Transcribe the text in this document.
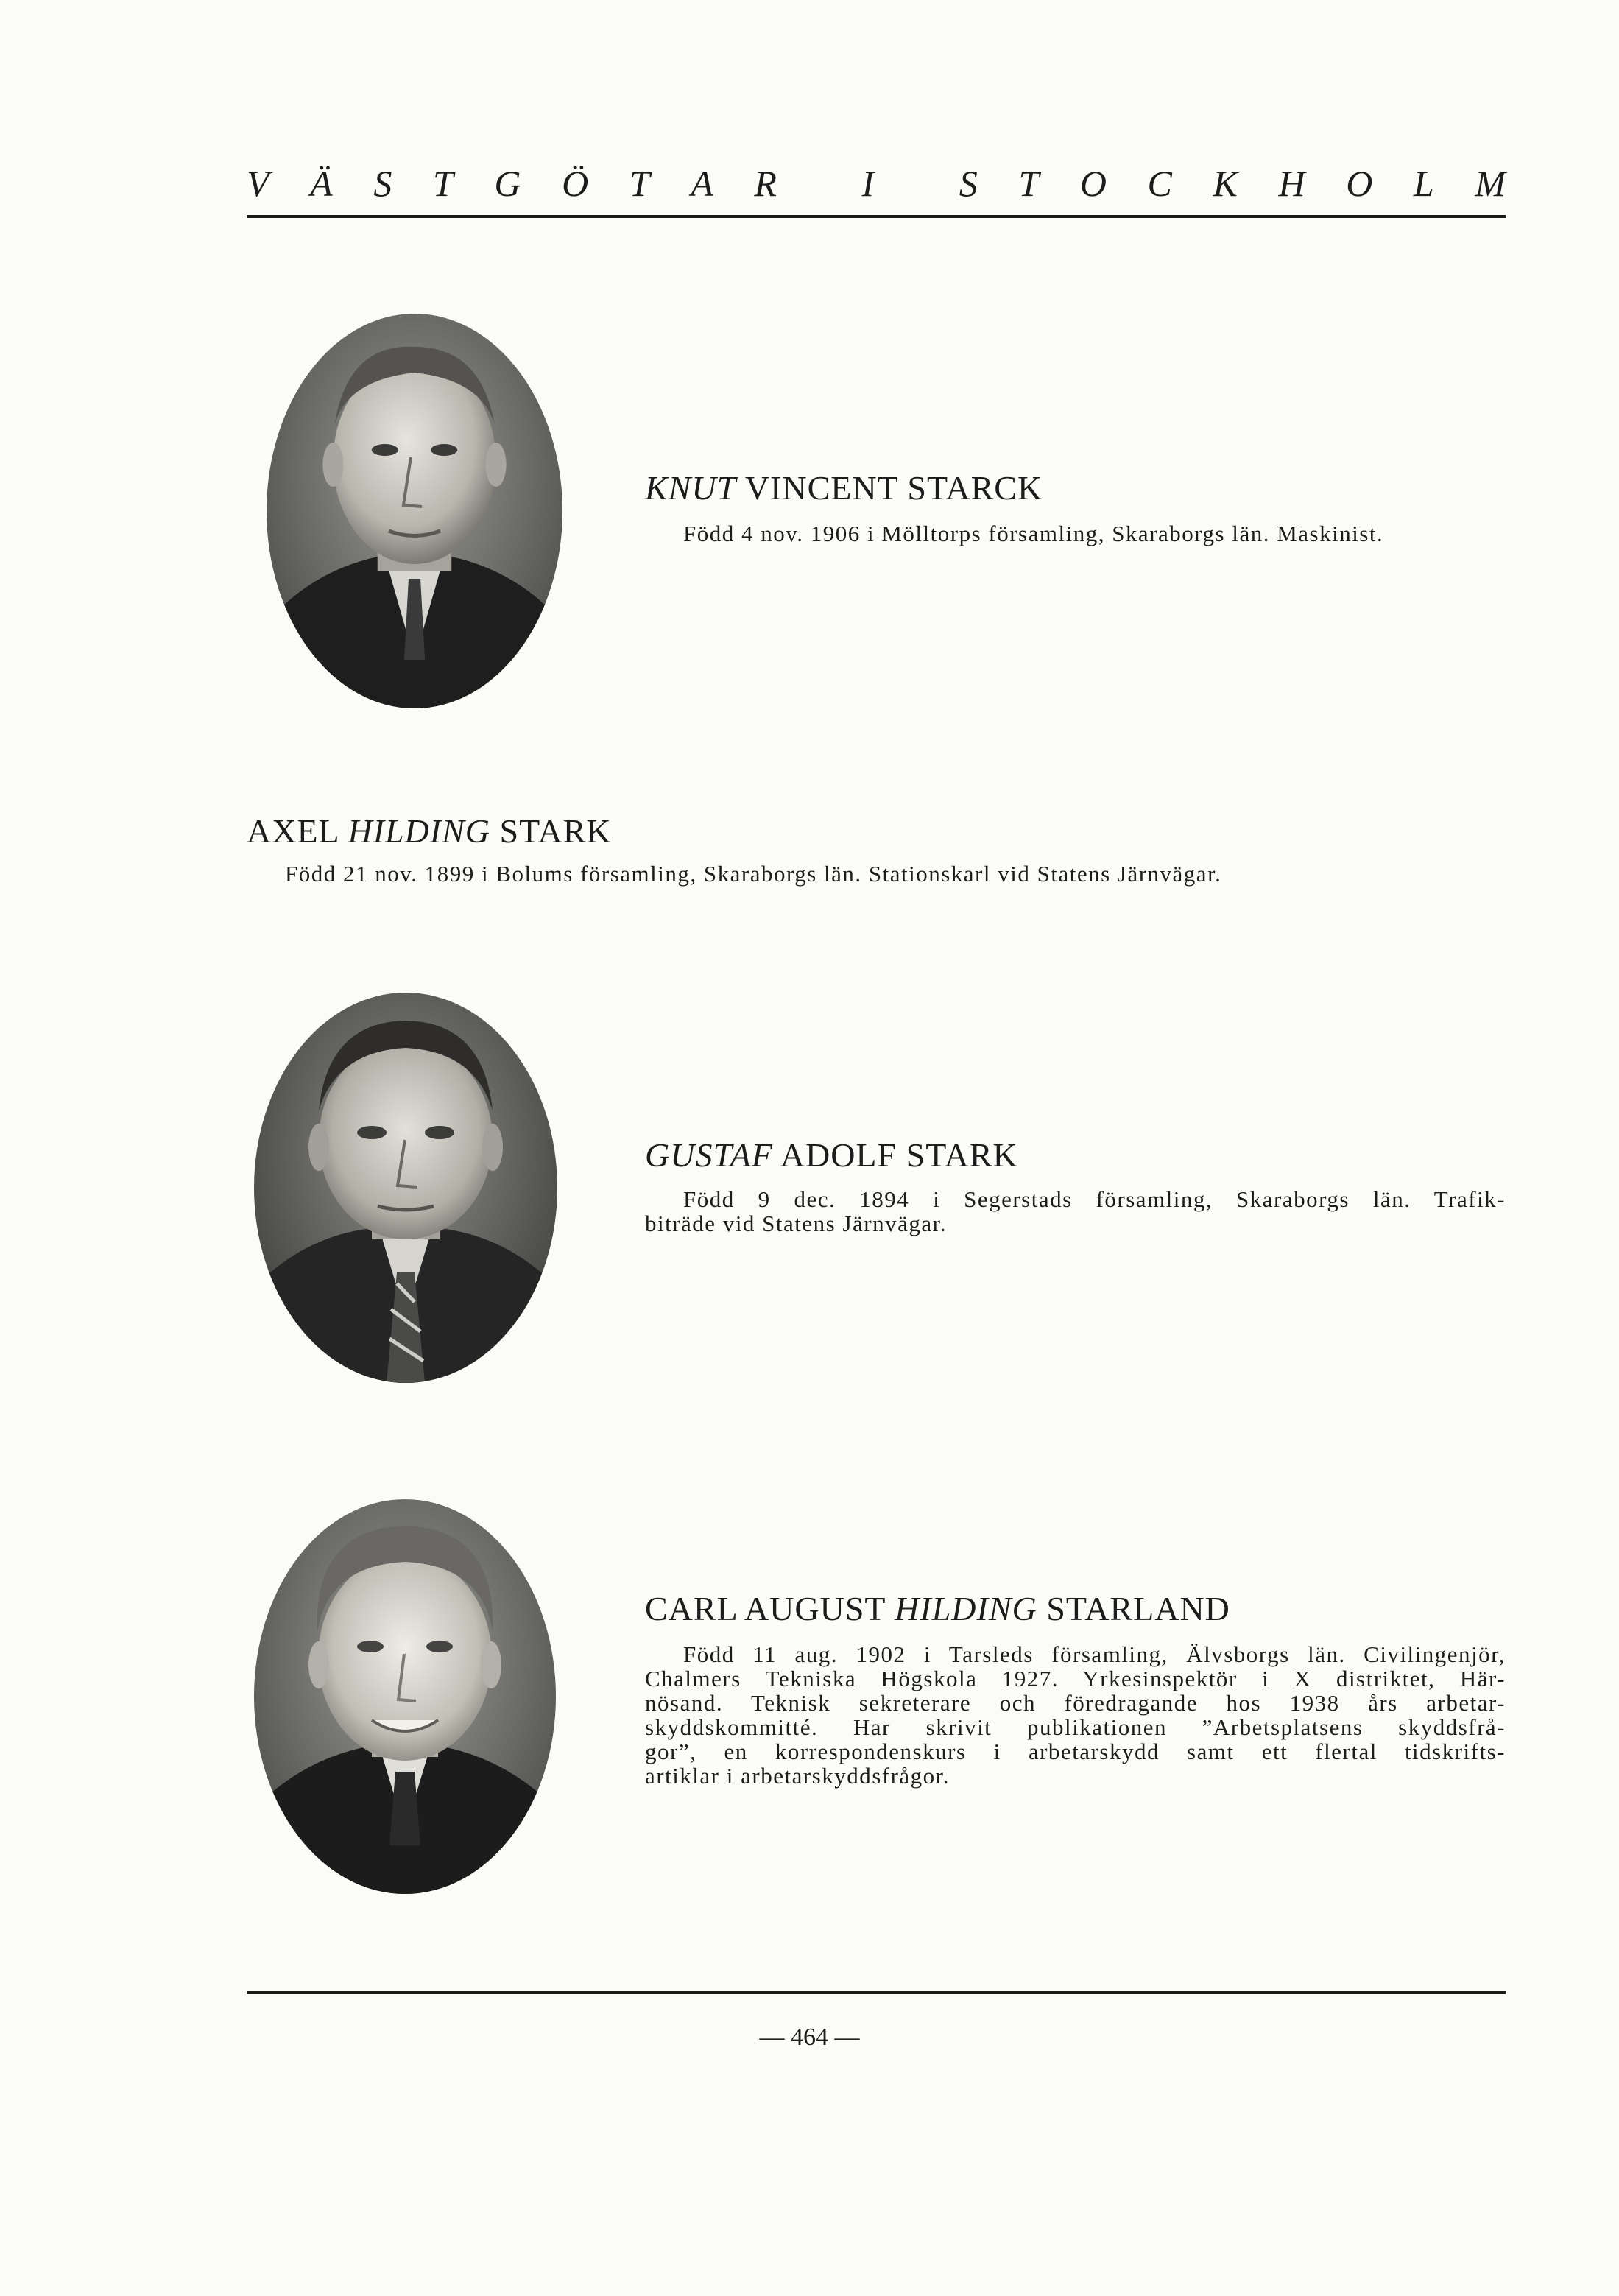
V Ä S T G Ö T A R I S T O C K H O L M
KNUT VINCENT STARCK
Född 4 nov. 1906 i Mölltorps församling, Skaraborgs län. Maskinist.
AXEL HILDING STARK
Född 21 nov. 1899 i Bolums församling, Skaraborgs län. Stationskarl vid Statens Järnvägar.
GUSTAF ADOLF STARK
Född 9 dec. 1894 i Segerstads församling, Skaraborgs län. Trafik-
biträde vid Statens Järnvägar.
CARL AUGUST HILDING STARLAND
Född 11 aug. 1902 i Tarsleds församling, Älvsborgs län. Civilingenjör,
Chalmers Tekniska Högskola 1927. Yrkesinspektör i X distriktet, Här-
nösand. Teknisk sekreterare och föredragande hos 1938 års arbetar-
skyddskommitté. Har skrivit publikationen ”Arbetsplatsens skyddsfrå-
gor”, en korrespondenskurs i arbetarskydd samt ett flertal tidskrifts-
artiklar i arbetarskyddsfrågor.
— 464 —
